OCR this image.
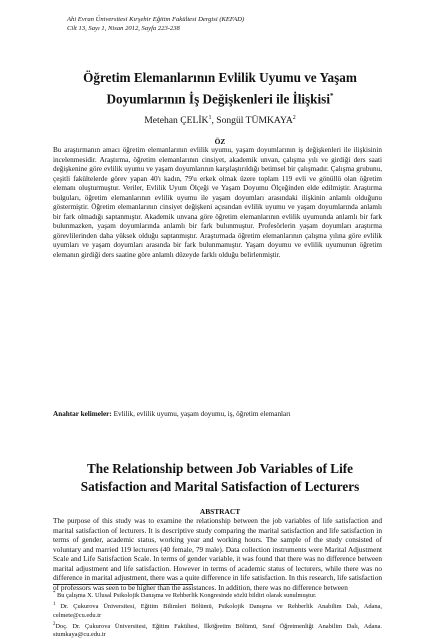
Ahi Evran Üniversitesi Kırşehir Eğitim Fakültesi Dergisi (KEFAD)
Cilt 13, Sayı 1, Nisan 2012, Sayfa 223-238
Öğretim Elemanlarının Evlilik Uyumu ve Yaşam
Doyumlarının İş Değişkenleri ile İlişkisi*
Metehan ÇELİK$^1$, Songül TÜMKAYA$^2$
ÖZ
Bu araştırmanın amacı öğretim elemanlarının evlilik uyumu, yaşam doyumlarının iş değişkenleri ile ilişkisinin incelenmesidir. Araştırma, öğretim elemanlarının cinsiyet, akademik unvan, çalışma yılı ve girdiği ders saati değişkenine göre evlilik uyumu ve yaşam doyumlarının karşılaştırıldığı betimsel bir çalışmadır. Çalışma grubunu, çeşitli fakültelerde görev yapan 40'ı kadın, 79'u erkek olmak üzere toplam 119 evli ve gönüllü olan öğretim elemanı oluşturmuştur. Veriler, Evlilik Uyum Ölçeği ve Yaşam Doyumu Ölçeğinden elde edilmiştir. Araştırma bulguları, öğretim elemanlarının evlilik uyumu ile yaşam doyumları arasındaki ilişkinin anlamlı olduğunu göstermiştir. Öğretim elemanlarının cinsiyet değişkeni açısından evlilik uyumu ve yaşam doyumlarında anlamlı bir fark olmadığı saptanmıştır. Akademik unvana göre öğretim elemanlarının evlilik uyumunda anlamlı bir fark bulunmazken, yaşam doyumlarında anlamlı bir fark bulunmuştur. Profesörlerin yaşam doyumları araştırma görevlilerinden daha yüksek olduğu saptanmıştır. Araştırmada öğretim elemanlarının çalışma yılına göre evlilik uyumları ve yaşam doyumları arasında bir fark bulunmamıştır. Yaşam doyumu ve evlilik uyumunun öğretim elemanın girdiği ders saatine göre anlamlı düzeyde farklı olduğu belirlenmiştir.
Anahtar kelimeler: Evlilik, evlilik uyumu, yaşam doyumu, iş, öğretim elemanları
The Relationship between Job Variables of Life
Satisfaction and Marital Satisfaction of Lecturers
ABSTRACT
The purpose of this study was to examine the relationship between the job variables of life satisfaction and marital satisfaction of lecturers. It is descriptive study comparing the marital satisfaction and life satisfaction in terms of gender, academic status, working year and working hours. The sample of the study consisted of voluntary and married 119 lecturers (40 female, 79 male). Data collection instruments were Marital Adjustment Scale and Life Satisfaction Scale. In terms of gender variable, it was found that there was no difference between marital adjustment and life satisfaction. However in terms of academic status of lecturers, while there was no difference in marital adjustment, there was a quite difference in life satisfaction. In this research, life satisfaction of professors was seen to be higher than the assistances. In addition, there was no difference between
* Bu çalışma X. Ulusal Psikolojik Danışma ve Rehberlik Kongresinde sözlü bildiri olarak sunulmuştur.
$^1$ Dr. Çukurova Üniversitesi, Eğitim Bilimleri Bölümü, Psikolojik Danışma ve Rehberlik Anabilim Dalı, Adana, celmete@cu.edu.tr
$^2$Doç. Dr. Çukurova Üniversitesi, Eğitim Fakültesi, İlköğretim Bölümü, Sınıf Öğretmenliği Anabilim Dalı, Adana. stumkaya@cu.edu.tr
